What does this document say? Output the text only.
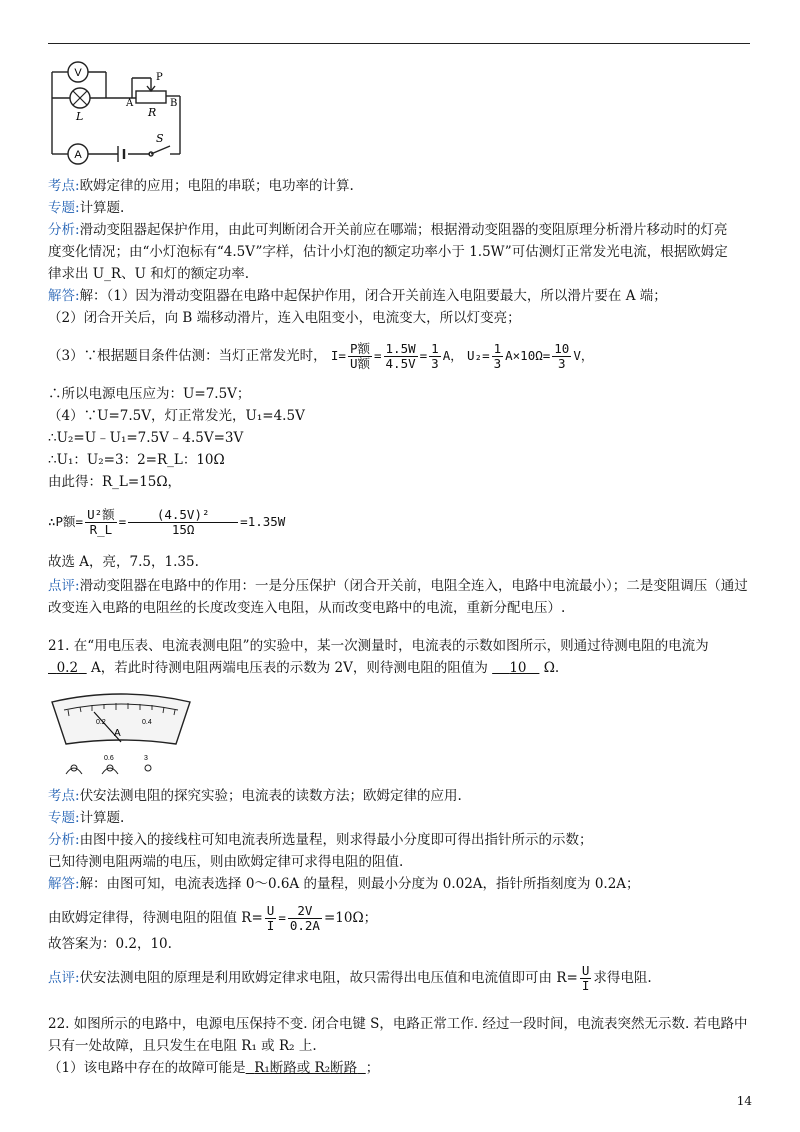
V
A
L
P
A	B
R
S
考点:欧姆定律的应用；电阻的串联；电功率的计算.
专题:计算题.
分析:滑动变阻器起保护作用，由此可判断闭合开关前应在哪端；根据滑动变阻器的变阻原理分析滑片移动时的灯亮
度变化情况；由“小灯泡标有“4.5V”字样，估计小灯泡的额定功率小于 1.5W”可估测灯正常发光电流，根据欧姆定
律求出 U_R、U 和灯的额定功率.
解答:解：（1）因为滑动变阻器在电路中起保护作用，闭合开关前连入电阻要最大，所以滑片要在 A 端；
（2）闭合开关后，向 B 端移动滑片，连入电阻变小，电流变大，所以灯变亮；
（3）∵根据题目条件估测：当灯正常发光时， $I= \frac{\text{P额}}{\text{U额}} = \frac{1.5W}{4.5V} = \frac{1}{3}$ A， $U_2= \frac{1}{3} A\times 10\Omega= \frac{10}{3}$ V，
∴所以电源电压应为：U=7.5V；
（4）∵U=7.5V，灯正常发光，U₁=4.5V
∴U₂=U﹣U₁=7.5V﹣4.5V=3V
∴U₁：U₂=3：2=R_L：10Ω
由此得：R_L=15Ω，
∴P额= $\frac{\text{U²额}}{R\_L} = \frac{\text{(4.5V)²}}{15\Omega} =1.35W$
故选 A，亮，7.5，1.35.
点评:滑动变阻器在电路中的作用：一是分压保护（闭合开关前，电阻全连入，电路中电流最小）；二是变阻调压（通过
改变连入电路的电阻丝的长度改变连入电阻，从而改变电路中的电流，重新分配电压）.
21. 在“用电压表、电流表测电阻”的实验中，某一次测量时，电流表的示数如图所示，则通过待测电阻的电流为
0.2 A，若此时待测电阻两端电压表的示数为 2V，则待测电阻的阻值为 10 Ω.
0.2	0.4
A
0.6	3
考点:伏安法测电阻的探究实验；电流表的读数方法；欧姆定律的应用.
专题:计算题.
分析:由图中接入的接线柱可知电流表所选量程，则求得最小分度即可得出指针所示的示数；
已知待测电阻两端的电压，则由欧姆定律可求得电阻的阻值.
解答:解：由图可知，电流表选择 0～0.6A 的量程，则最小分度为 0.02A，指针所指刻度为 0.2A；
由欧姆定律得，待测电阻的阻值 $R= \frac{U}{I} = \frac{2V}{0.2A} =10\Omega$；
故答案为：0.2，10.
点评:伏安法测电阻的原理是利用欧姆定律求电阻，故只需得出电压值和电流值即可由 $R= \frac{U}{I}$ 求得电阻.
22. 如图所示的电路中，电源电压保持不变. 闭合电键 S，电路正常工作. 经过一段时间，电流表突然无示数. 若电路中
只有一处故障，且只发生在电阻 R₁ 或 R₂ 上.
（1）该电路中存在的故障可能是 R₁断路或 R₂断路 ；
14
